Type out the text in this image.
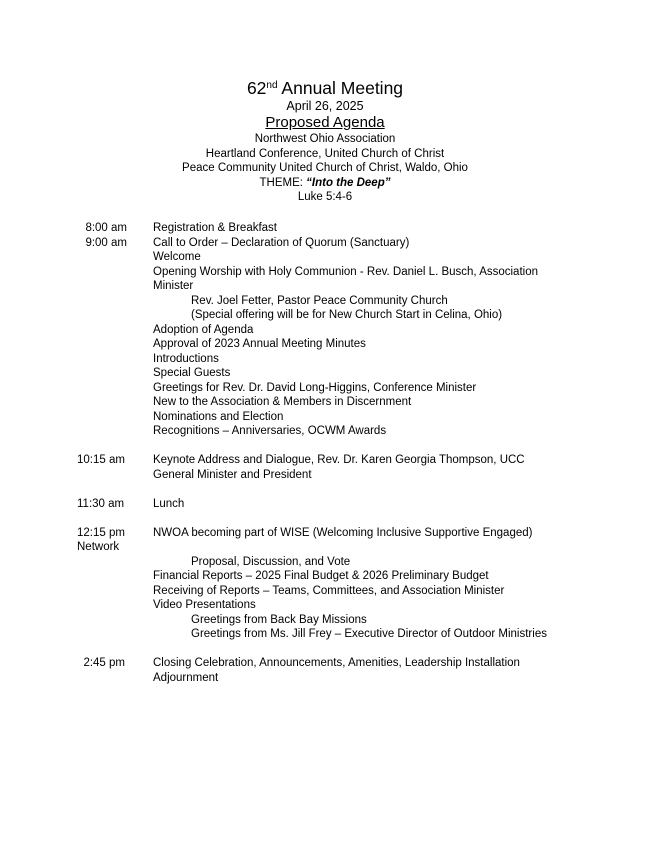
62nd Annual Meeting
April 26, 2025
Proposed Agenda
Northwest Ohio Association
Heartland Conference, United Church of Christ
Peace Community United Church of Christ, Waldo, Ohio
THEME: “Into the Deep”
Luke 5:4-6
8:00 am Registration & Breakfast
9:00 am Call to Order – Declaration of Quorum (Sanctuary)
Welcome
Opening Worship with Holy Communion - Rev. Daniel L. Busch, Association
Minister
Rev. Joel Fetter, Pastor Peace Community Church
(Special offering will be for New Church Start in Celina, Ohio)
Adoption of Agenda
Approval of 2023 Annual Meeting Minutes
Introductions
Special Guests
Greetings for Rev. Dr. David Long-Higgins, Conference Minister
New to the Association & Members in Discernment
Nominations and Election
Recognitions – Anniversaries, OCWM Awards
10:15 am Keynote Address and Dialogue, Rev. Dr. Karen Georgia Thompson, UCC
General Minister and President
11:30 am	Lunch
12:15 pm NWOA becoming part of WISE (Welcoming Inclusive Supportive Engaged)
Network
Proposal, Discussion, and Vote
Financial Reports – 2025 Final Budget & 2026 Preliminary Budget
Receiving of Reports – Teams, Committees, and Association Minister
Video Presentations
Greetings from Back Bay Missions
Greetings from Ms. Jill Frey – Executive Director of Outdoor Ministries
2:45 pm Closing Celebration, Announcements, Amenities, Leadership Installation
Adjournment
